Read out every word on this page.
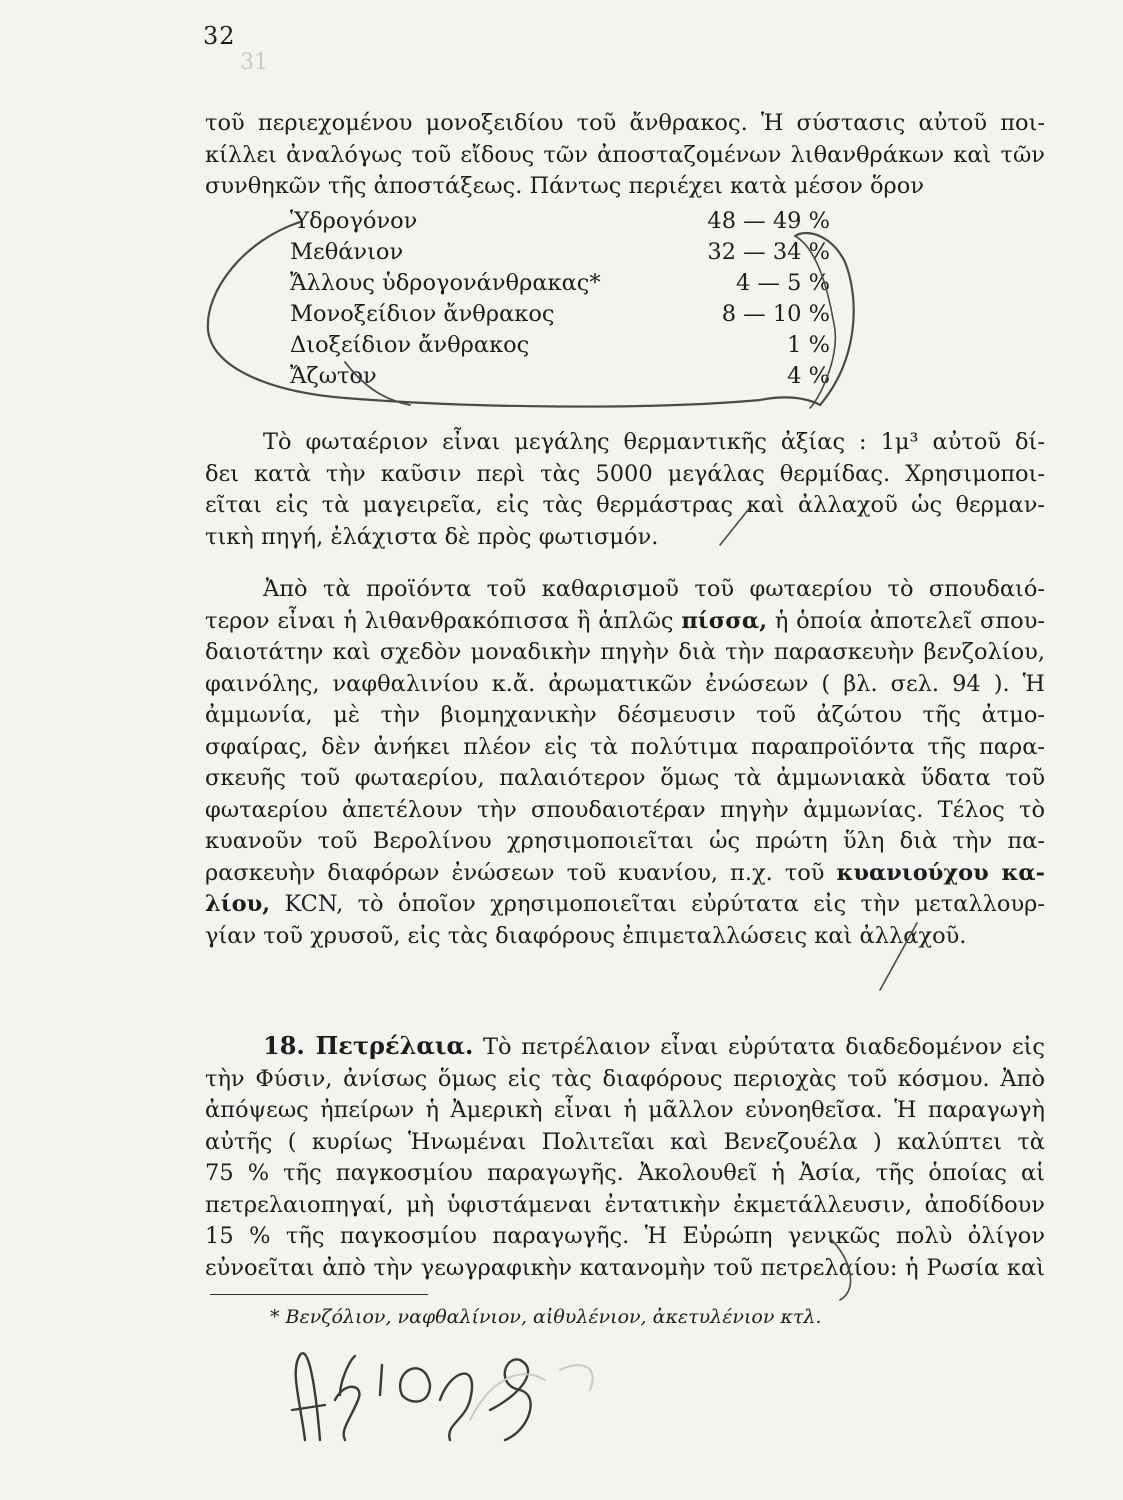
31
32
τοῦ περιεχομένου μονοξειδίου τοῦ ἄνθρακος. Ἡ σύστασις αὐτοῦ ποι-
κίλλει ἀναλόγως τοῦ εἴδους τῶν ἀποσταζομένων λιθανθράκων καὶ τῶν
συνθηκῶν τῆς ἀποστάξεως. Πάντως περιέχει κατὰ μέσον ὅρον
Ὑδρογόνον	48 — 49 %
Μεθάνιον	32 — 34 %
Ἄλλους ὑδρογονάνθρακας*	4 — 5 %
Μονοξείδιον ἄνθρακος	8 — 10 %
Διοξείδιον ἄνθρακος	1 %
Ἄζωτον	4 %
Τὸ φωταέριον εἶναι μεγάλης θερμαντικῆς ἀξίας : 1μ³ αὐτοῦ δί-
δει κατὰ τὴν καῦσιν περὶ τὰς 5000 μεγάλας θερμίδας. Χρησιμοποι-
εῖται εἰς τὰ μαγειρεῖα, εἰς τὰς θερμάστρας καὶ ἀλλαχοῦ ὡς θερμαν-
τικὴ πηγή, ἐλάχιστα δὲ πρὸς φωτισμόν.
Ἀπὸ τὰ προϊόντα τοῦ καθαρισμοῦ τοῦ φωταερίου τὸ σπουδαιό-
τερον εἶναι ἡ λιθανθρακόπισσα ἢ ἁπλῶς πίσσα, ἡ ὁποία ἀποτελεῖ σπου-
δαιοτάτην καὶ σχεδὸν μοναδικὴν πηγὴν διὰ τὴν παρασκευὴν βενζολίου,
φαινόλης, ναφθαλινίου κ.ἄ. ἀρωματικῶν ἐνώσεων ( βλ. σελ. 94 ). Ἡ
ἀμμωνία, μὲ τὴν βιομηχανικὴν δέσμευσιν τοῦ ἀζώτου τῆς ἀτμο-
σφαίρας, δὲν ἀνήκει πλέον εἰς τὰ πολύτιμα παραπροϊόντα τῆς παρα-
σκευῆς τοῦ φωταερίου, παλαιότερον ὅμως τὰ ἀμμωνιακὰ ὕδατα τοῦ
φωταερίου ἀπετέλουν τὴν σπουδαιοτέραν πηγὴν ἀμμωνίας. Τέλος τὸ
κυανοῦν τοῦ Βερολίνου χρησιμοποιεῖται ὡς πρώτη ὕλη διὰ τὴν πα-
ρασκευὴν διαφόρων ἐνώσεων τοῦ κυανίου, π.χ. τοῦ κυανιούχου κα-
λίου, KCN, τὸ ὁποῖον χρησιμοποιεῖται εὐρύτατα εἰς τὴν μεταλλουρ-
γίαν τοῦ χρυσοῦ, εἰς τὰς διαφόρους ἐπιμεταλλώσεις καὶ ἀλλαχοῦ.
18. Πετρέλαια. Τὸ πετρέλαιον εἶναι εὐρύτατα διαδεδομένον εἰς
τὴν Φύσιν, ἀνίσως ὅμως εἰς τὰς διαφόρους περιοχὰς τοῦ κόσμου. Ἀπὸ
ἀπόψεως ἠπείρων ἡ Ἀμερικὴ εἶναι ἡ μᾶλλον εὐνοηθεῖσα. Ἡ παραγωγὴ
αὐτῆς ( κυρίως Ἡνωμέναι Πολιτεῖαι καὶ Βενεζουέλα ) καλύπτει τὰ
75 % τῆς παγκοσμίου παραγωγῆς. Ἀκολουθεῖ ἡ Ἀσία, τῆς ὁποίας αἱ
πετρελαιοπηγαί, μὴ ὑφιστάμεναι ἐντατικὴν ἐκμετάλλευσιν, ἀποδίδουν
15 % τῆς παγκοσμίου παραγωγῆς. Ἡ Εὐρώπη γενικῶς πολὺ ὀλίγον
εὐνοεῖται ἀπὸ τὴν γεωγραφικὴν κατανομὴν τοῦ πετρελαίου: ἡ Ρωσία καὶ
* Βενζόλιον, ναφθαλίνιον, αἰθυλένιον, ἀκετυλένιον κτλ.
